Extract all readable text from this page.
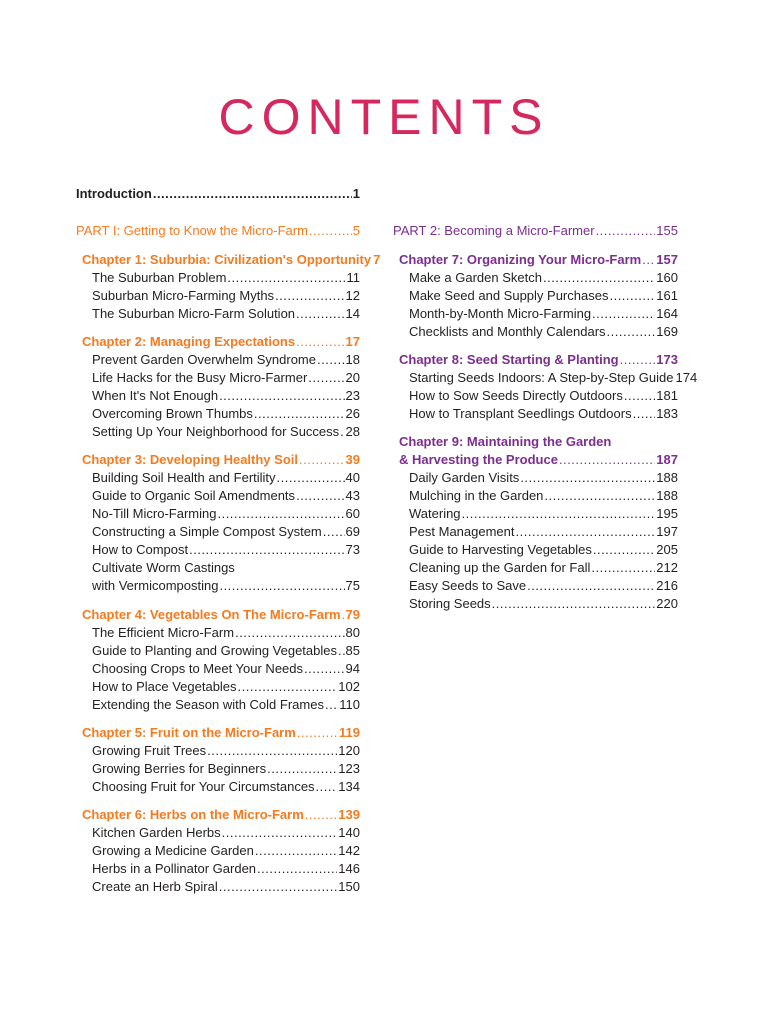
CONTENTS
Introduction .....	1
PART I: Getting to Know the Micro-Farm .....	5
Chapter 1: Suburbia: Civilization's Opportunity 7
The Suburban Problem .....	11
Suburban Micro-Farming Myths .....	12
The Suburban Micro-Farm Solution .....	14
Chapter 2: Managing Expectations .....	17
Prevent Garden Overwhelm Syndrome ..... 18
Life Hacks for the Busy Micro-Farmer .....	20
When It's Not Enough .....	23
Overcoming Brown Thumbs .....	26
Setting Up Your Neighborhood for Success ..... 28
Chapter 3: Developing Healthy Soil .....	39
Building Soil Health and Fertility .....	40
Guide to Organic Soil Amendments .....	43
No-Till Micro-Farming .....	60
Constructing a Simple Compost System ..... 69
How to Compost .....	73
Cultivate Worm Castings
with Vermicomposting .....	75
Chapter 4: Vegetables On The Micro-Farm ..... 79
The Efficient Micro-Farm .....	80
Guide to Planting and Growing Vegetables ..... 85
Choosing Crops to Meet Your Needs .....	94
How to Place Vegetables .....	102
Extending the Season with Cold Frames ..... 110
Chapter 5: Fruit on the Micro-Farm .....	119
Growing Fruit Trees .....	120
Growing Berries for Beginners .....	123
Choosing Fruit for Your Circumstances ..... 134
Chapter 6: Herbs on the Micro-Farm .....	139
Kitchen Garden Herbs .....	140
Growing a Medicine Garden .....	142
Herbs in a Pollinator Garden .....	146
Create an Herb Spiral .....	150
PART 2: Becoming a Micro-Farmer .....	155
Chapter 7: Organizing Your Micro-Farm ..... 157
Make a Garden Sketch .....	160
Make Seed and Supply Purchases .....	161
Month-by-Month Micro-Farming .....	164
Checklists and Monthly Calendars .....	169
Chapter 8: Seed Starting & Planting .....	173
Starting Seeds Indoors: A Step-by-Step Guide 174
How to Sow Seeds Directly Outdoors .....	181
How to Transplant Seedlings Outdoors ..... 183
Chapter 9: Maintaining the Garden
& Harvesting the Produce .....	187
Daily Garden Visits .....	188
Mulching in the Garden .....	188
Watering .....	195
Pest Management .....	197
Guide to Harvesting Vegetables .....	205
Cleaning up the Garden for Fall .....	212
Easy Seeds to Save .....	216
Storing Seeds .....	220
